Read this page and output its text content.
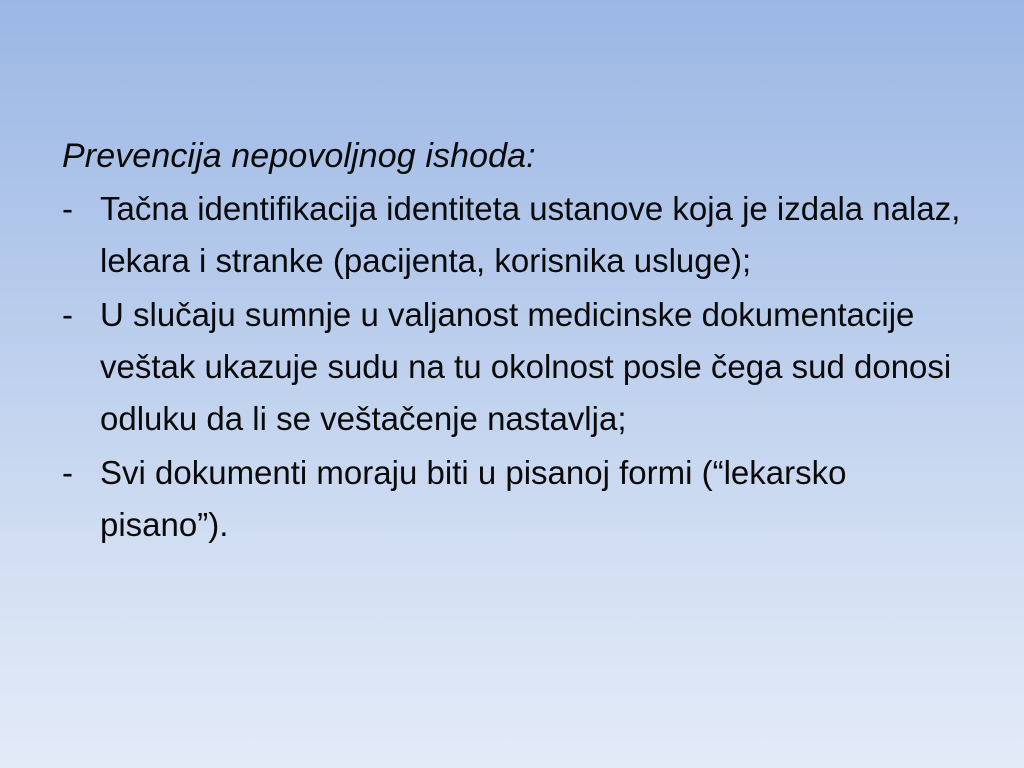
Prevencija nepovoljnog ishoda:
- Tačna identifikacija identiteta ustanove koja je izdala nalaz, lekara i stranke (pacijenta, korisnika usluge);
- U slučaju sumnje u valjanost medicinske dokumentacije veštak ukazuje sudu na tu okolnost posle čega sud donosi odluku da li se veštačenje nastavlja;
- Svi dokumenti moraju biti u pisanoj formi (“lekarsko pisano”).
